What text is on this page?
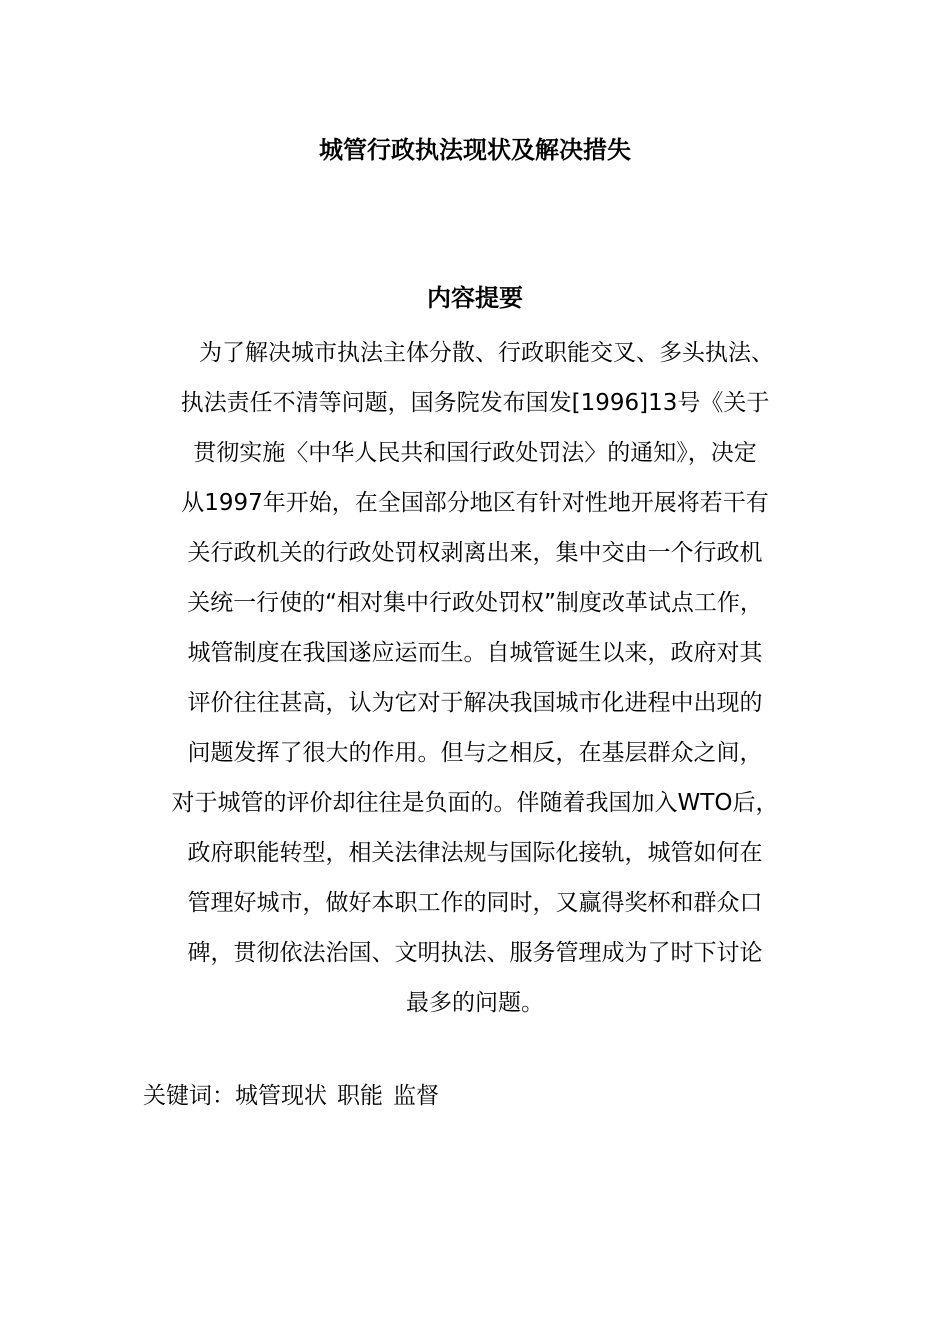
城管行政执法现状及解决措失
内容提要
　为了解决城市执法主体分散、行政职能交叉、多头执法、
执法责任不清等问题，国务院发布国发[1996]13号《关于
贯彻实施〈中华人民共和国行政处罚法〉的通知》，决定
从1997年开始，在全国部分地区有针对性地开展将若干有
关行政机关的行政处罚权剥离出来，集中交由一个行政机
关统一行使的“相对集中行政处罚权”制度改革试点工作，
城管制度在我国遂应运而生。自城管诞生以来，政府对其
评价往往甚高，认为它对于解决我国城市化进程中出现的
问题发挥了很大的作用。但与之相反，在基层群众之间，
对于城管的评价却往往是负面的。伴随着我国加入WTO后，
政府职能转型，相关法律法规与国际化接轨，城管如何在
管理好城市，做好本职工作的同时，又赢得奖杯和群众口
碑，贯彻依法治国、文明执法、服务管理成为了时下讨论
最多的问题。
关键词：城管现状 职能 监督
